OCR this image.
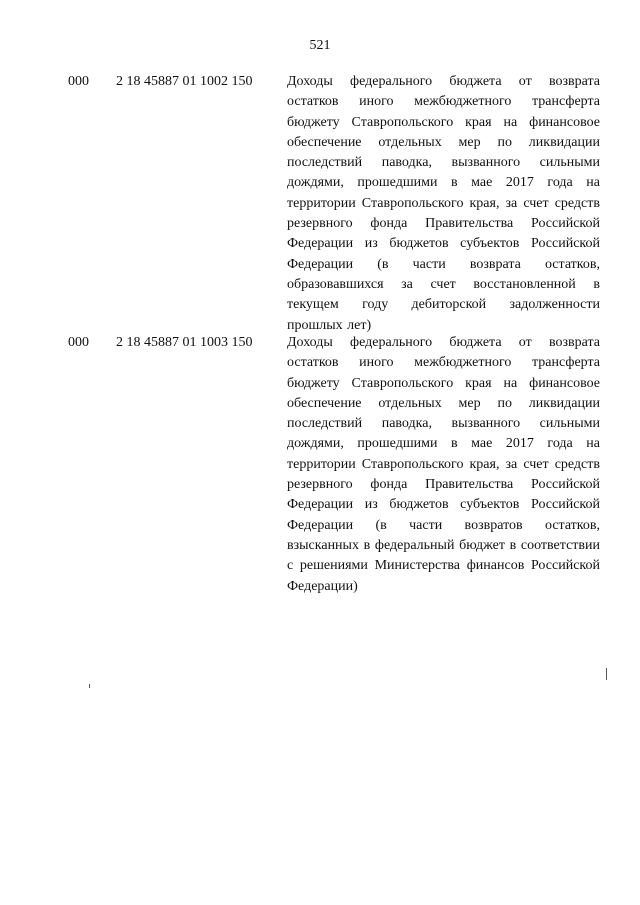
521
000 2 18 45887 01 1002 150 Доходы федерального бюджета от возврата остатков иного межбюджетного трансферта бюджету Ставропольского края на финансовое обеспечение отдельных мер по ликвидации последствий паводка, вызванного сильными дождями, прошедшими в мае 2017 года на территории Ставропольского края, за счет средств резервного фонда Правительства Российской Федерации из бюджетов субъектов Российской Федерации (в части возврата остатков, образовавшихся за счет восстановленной в текущем году дебиторской задолженности прошлых лет)
000 2 18 45887 01 1003 150 Доходы федерального бюджета от возврата остатков иного межбюджетного трансферта бюджету Ставропольского края на финансовое обеспечение отдельных мер по ликвидации последствий паводка, вызванного сильными дождями, прошедшими в мае 2017 года на территории Ставропольского края, за счет средств резервного фонда Правительства Российской Федерации из бюджетов субъектов Российской Федерации (в части возвратов остатков, взысканных в федеральный бюджет в соответствии с решениями Министерства финансов Российской Федерации)
